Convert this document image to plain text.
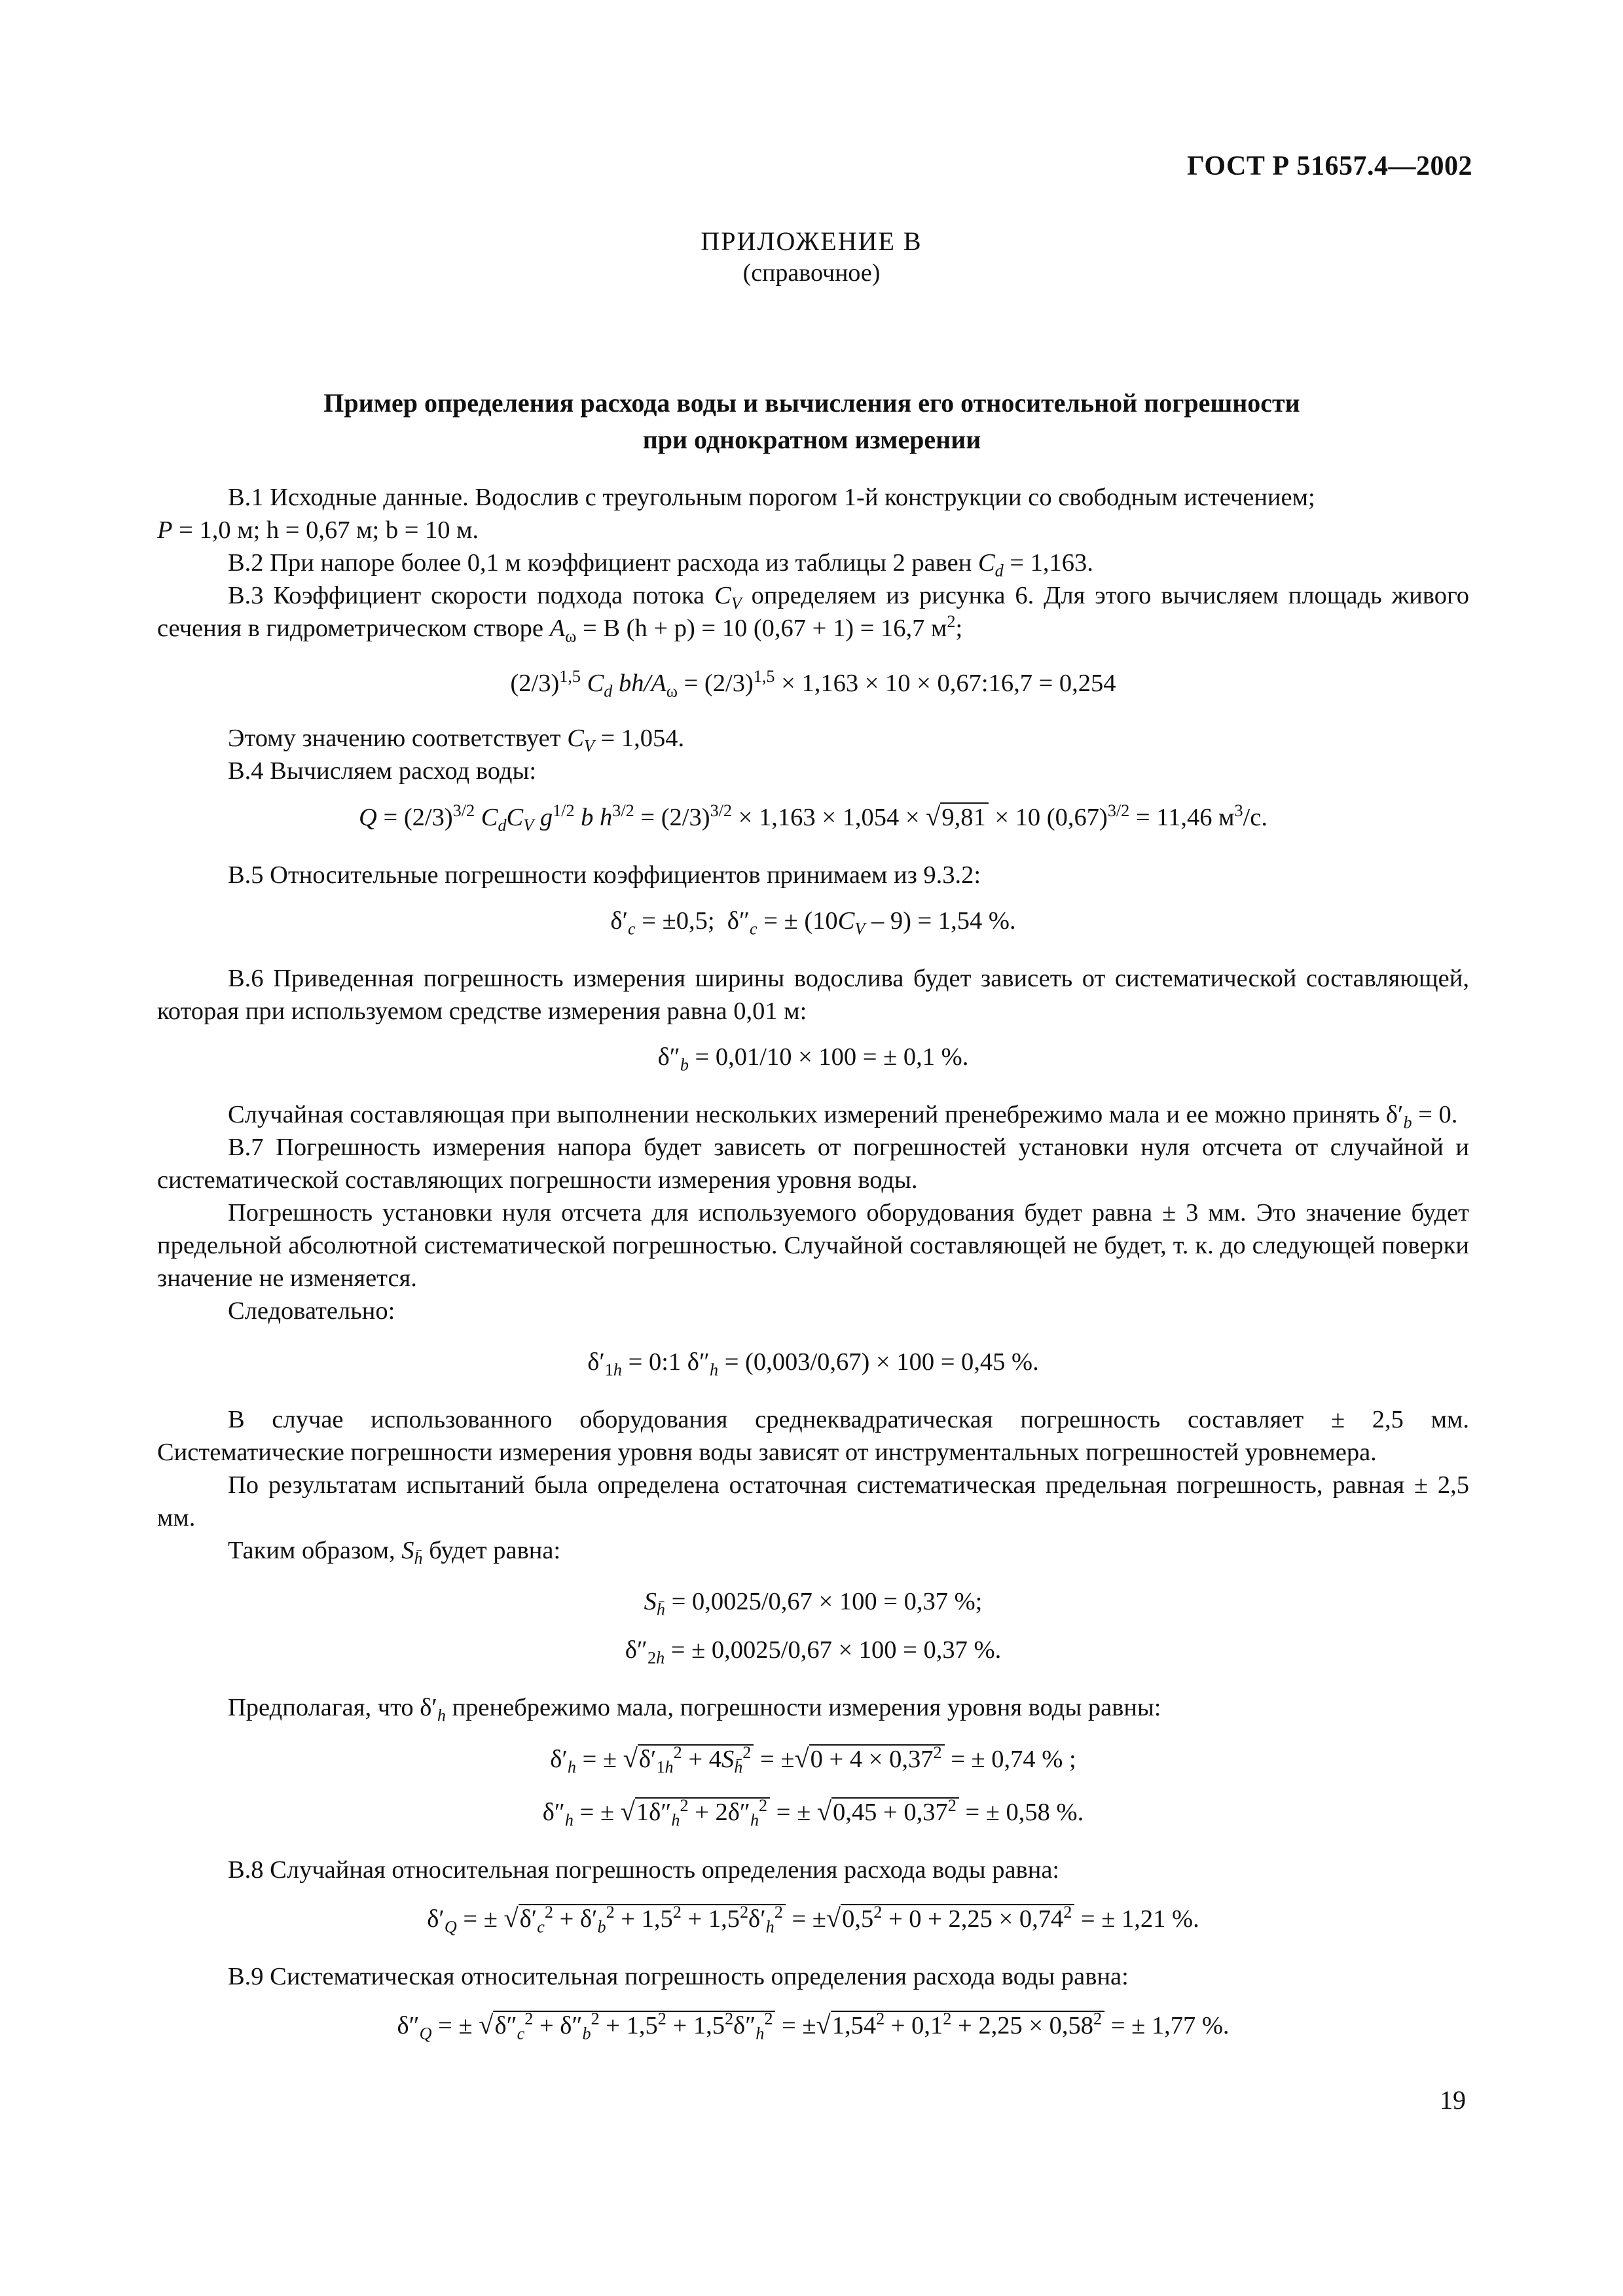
ГОСТ Р 51657.4—2002
ПРИЛОЖЕНИЕ В
(справочное)
Пример определения расхода воды и вычисления его относительной погрешности
при однократном измерении

В.1 Исходные данные. Водослив с треугольным порогом 1-й конструкции со свободным истечением;

P = 1,0 м; h = 0,67 м; b = 10 м.

В.2 При напоре более 0,1 м коэффициент расхода из таблицы 2 равен $C_d = 1,163$.

В.3 Коэффициент скорости подхода потока $C_V$ определяем из рисунка 6. Для этого вычисляем площадь живого сечения в гидрометрическом створе $A_\omega = B$ (h + p) = 10 (0,67 + 1) = 16,7 $м^2$;

$(2/3)^{1,5}$ $C_d$ $bh/A_\omega = (2/3)^{1,5} \times 1,163 \times 10$ × 0,67:16,7 = 0,254

Этому значению соответствует $C_V = 1,054$.

В.4 Вычисляем расход воды:

$Q = (2/3)^{3/2}$ $C_dC_V$ $g^{1/2}$ b $h^{3/2} = (2/3)^{3/2} \times 1,163 \times 1,054 \times √9,81 \times 10$ $(0,67)^{3/2} = 11,46$ $м^3/с$.

В.5 Относительные погрешности коэффициентов принимаем из 9.3.2:

$\delta'_c = \pm 0,5$;  $\delta''_c$ = ± $(10C_V - 9) = 1,54$ %.

В.6 Приведенная погрешность измерения ширины водослива будет зависеть от систематической составляющей, которая при используемом средстве измерения равна 0,01 м:

$\delta''_b = 0,01/10 \times 100$ = ± 0,1 %.

Случайная составляющая при выполнении нескольких измерений пренебрежимо мала и ее можно принять $\delta'_b = 0$.

В.7 Погрешность измерения напора будет зависеть от погрешностей установки нуля отсчета от случайной и систематической составляющих погрешности измерения уровня воды.

Погрешность установки нуля отсчета для используемого оборудования будет равна ± 3 мм. Это значение будет предельной абсолютной систематической погрешностью. Случайной составляющей не будет, т. к. до следующей поверки значение не изменяется.

Следовательно:

$\delta'_{1h}$ = 0:1 $\delta''_h = (0,003/0,67) \times 100 = 0,45$ %.

В случае использованного оборудования среднеквадратическая погрешность составляет ± 2,5 мм. Систематические погрешности измерения уровня воды зависят от инструментальных погрешностей уровнемера.

По результатам испытаний была определена остаточная систематическая предельная погрешность, равная ± 2,5 мм.

Таким образом, $S_{h̄}$ будет равна:

$S_{h̄} = 0,0025/0,67 \times 100 = 0,37$ %;
$\delta''_{2h}$ = ± 0,0025/0,67 × 100 = 0,37 %.

Предполагая, что $\delta'_h$ пренебрежимо мала, погрешности измерения уровня воды равны:

$\delta'_h$ = ± $√\delta'_{1h}^2 + 4S_{h̄}^2 = \pm√0 + 4 \times 0,37^2$ = ± 0,74 % ;
$\delta''_h$ = ± $√1\delta''_h^2 + 2\delta''_h^2$ = ± $√0,45 + 0,37^2$ = ± 0,58 %.

В.8 Случайная относительная погрешность определения расхода воды равна:

$\delta'_Q$ = ± $√\delta'_c^2 + \delta'_b^2 + 1,5^2 + 1,5^2\delta'_h^2 = \pm√0,5^2 + 0 + 2,25 \times 0,74^2$ = ± 1,21 %.

В.9 Систематическая относительная погрешность определения расхода воды равна:

$\delta''_Q$ = ± $√\delta''_c^2 + \delta''_b^2 + 1,5^2 + 1,5^2\delta''_h^2 = \pm√1,54^2 + 0,1^2 + 2,25 \times 0,58^2$ = ± 1,77 %.
19
